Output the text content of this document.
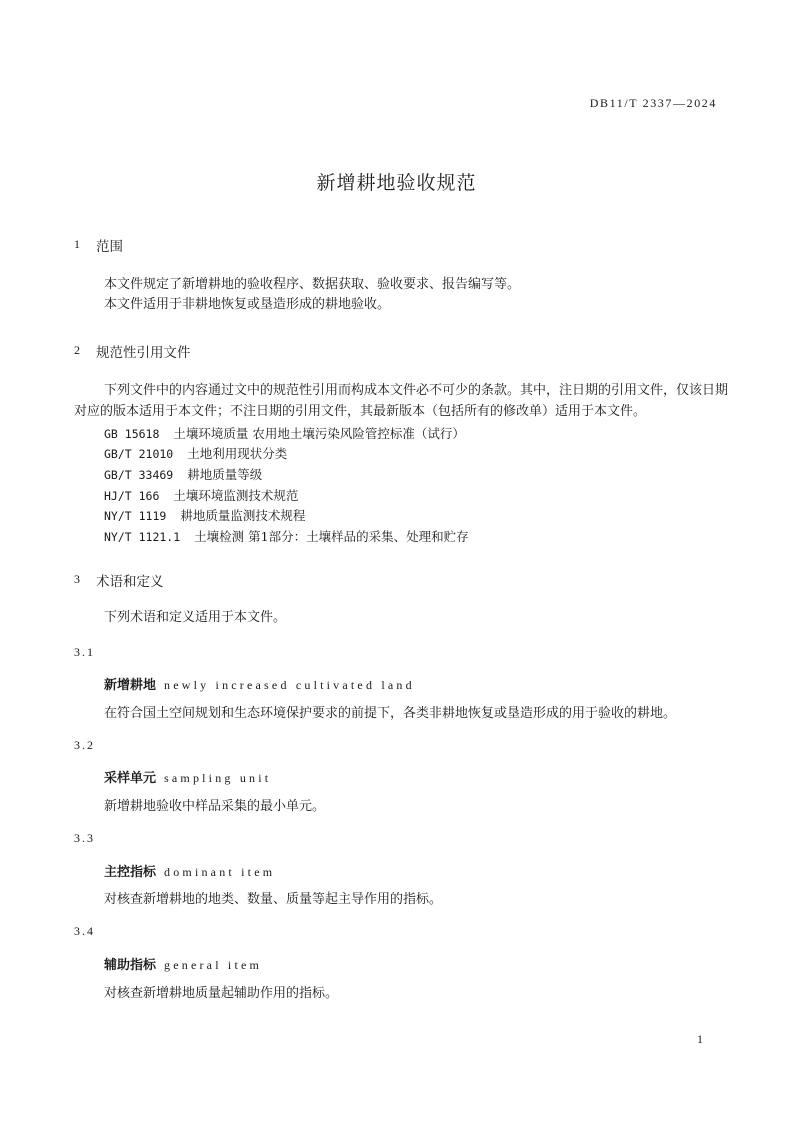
DB11/T 2337—2024
新增耕地验收规范
1 范围
本文件规定了新增耕地的验收程序、数据获取、验收要求、报告编写等。
本文件适用于非耕地恢复或垦造形成的耕地验收。
2 规范性引用文件
下列文件中的内容通过文中的规范性引用而构成本文件必不可少的条款。其中，注日期的引用文件，仅该日期
对应的版本适用于本文件；不注日期的引用文件，其最新版本（包括所有的修改单）适用于本文件。
GB 15618 土壤环境质量 农用地土壤污染风险管控标准（试行）
GB/T 21010 土地利用现状分类
GB/T 33469 耕地质量等级
HJ/T 166 土壤环境监测技术规范
NY/T 1119 耕地质量监测技术规程
NY/T 1121.1 土壤检测 第1部分：土壤样品的采集、处理和贮存
3 术语和定义
下列术语和定义适用于本文件。
3.1
新增耕地 newly increased cultivated land
在符合国土空间规划和生态环境保护要求的前提下，各类非耕地恢复或垦造形成的用于验收的耕地。
3.2
采样单元 sampling unit
新增耕地验收中样品采集的最小单元。
3.3
主控指标 dominant item
对核查新增耕地的地类、数量、质量等起主导作用的指标。
3.4
辅助指标 general item
对核查新增耕地质量起辅助作用的指标。
1
